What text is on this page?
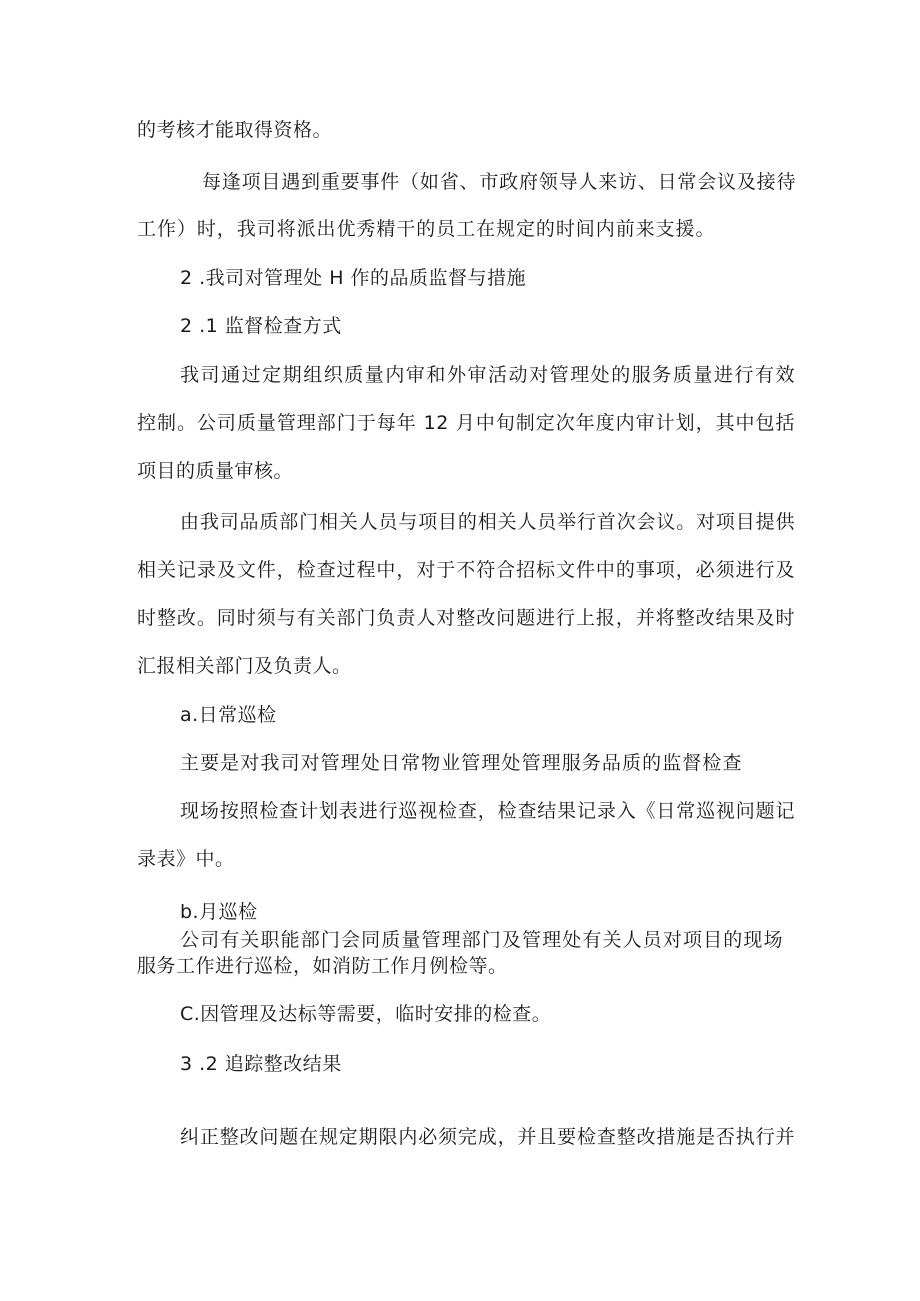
的考核才能取得资格。
每逢项目遇到重要事件（如省、市政府领导人来访、日常会议及接待
工作）时，我司将派出优秀精干的员工在规定的时间内前来支援。
2 .我司对管理处 H 作的品质监督与措施
2 .1 监督检查方式
我司通过定期组织质量内审和外审活动对管理处的服务质量进行有效
控制。公司质量管理部门于每年 12 月中旬制定次年度内审计划，其中包括
项目的质量审核。
由我司品质部门相关人员与项目的相关人员举行首次会议。对项目提供
相关记录及文件，检查过程中，对于不符合招标文件中的事项，必须进行及
时整改。同时须与有关部门负责人对整改问题进行上报，并将整改结果及时
汇报相关部门及负责人。
a.日常巡检
主要是对我司对管理处日常物业管理处管理服务品质的监督检查
现场按照检查计划表进行巡视检查，检查结果记录入《日常巡视问题记
录表》中。
b.月巡检
公司有关职能部门会同质量管理部门及管理处有关人员对项目的现场
服务工作进行巡检，如消防工作月例检等。
C.因管理及达标等需要，临时安排的检查。
3 .2 追踪整改结果
纠正整改问题在规定期限内必须完成，并且要检查整改措施是否执行并
